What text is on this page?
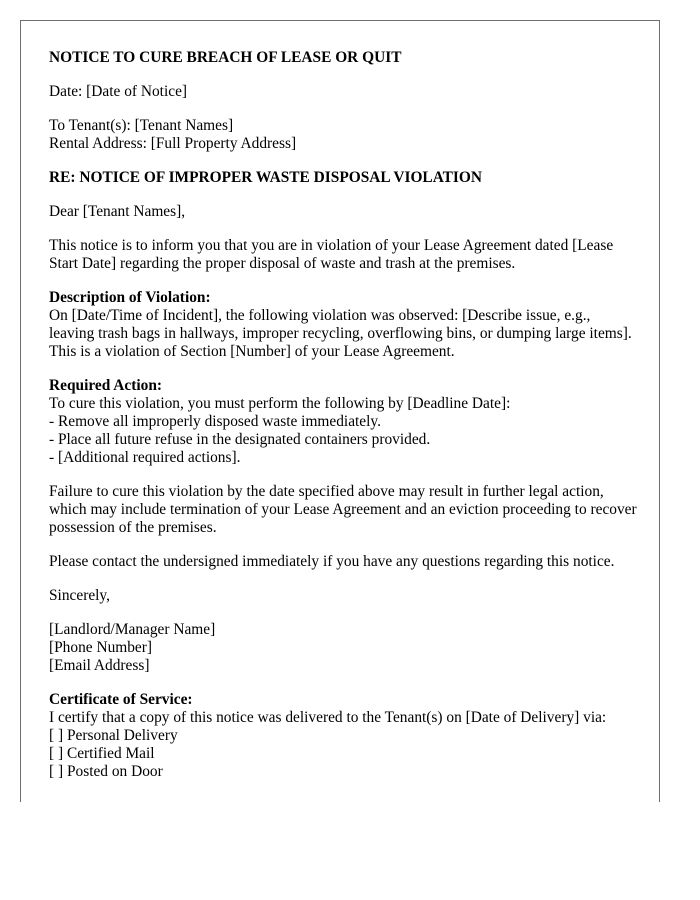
NOTICE TO CURE BREACH OF LEASE OR QUIT
Date: [Date of Notice]
To Tenant(s): [Tenant Names]
Rental Address: [Full Property Address]
RE: NOTICE OF IMPROPER WASTE DISPOSAL VIOLATION
Dear [Tenant Names],
This notice is to inform you that you are in violation of your Lease Agreement dated [Lease Start Date] regarding the proper disposal of waste and trash at the premises.
Description of Violation:
On [Date/Time of Incident], the following violation was observed: [Describe issue, e.g., leaving trash bags in hallways, improper recycling, overflowing bins, or dumping large items]. This is a violation of Section [Number] of your Lease Agreement.
Required Action:
To cure this violation, you must perform the following by [Deadline Date]:
- Remove all improperly disposed waste immediately.
- Place all future refuse in the designated containers provided.
- [Additional required actions].
Failure to cure this violation by the date specified above may result in further legal action, which may include termination of your Lease Agreement and an eviction proceeding to recover possession of the premises.
Please contact the undersigned immediately if you have any questions regarding this notice.
Sincerely,
[Landlord/Manager Name]
[Phone Number]
[Email Address]
Certificate of Service:
I certify that a copy of this notice was delivered to the Tenant(s) on [Date of Delivery] via:
[ ] Personal Delivery
[ ] Certified Mail
[ ] Posted on Door
